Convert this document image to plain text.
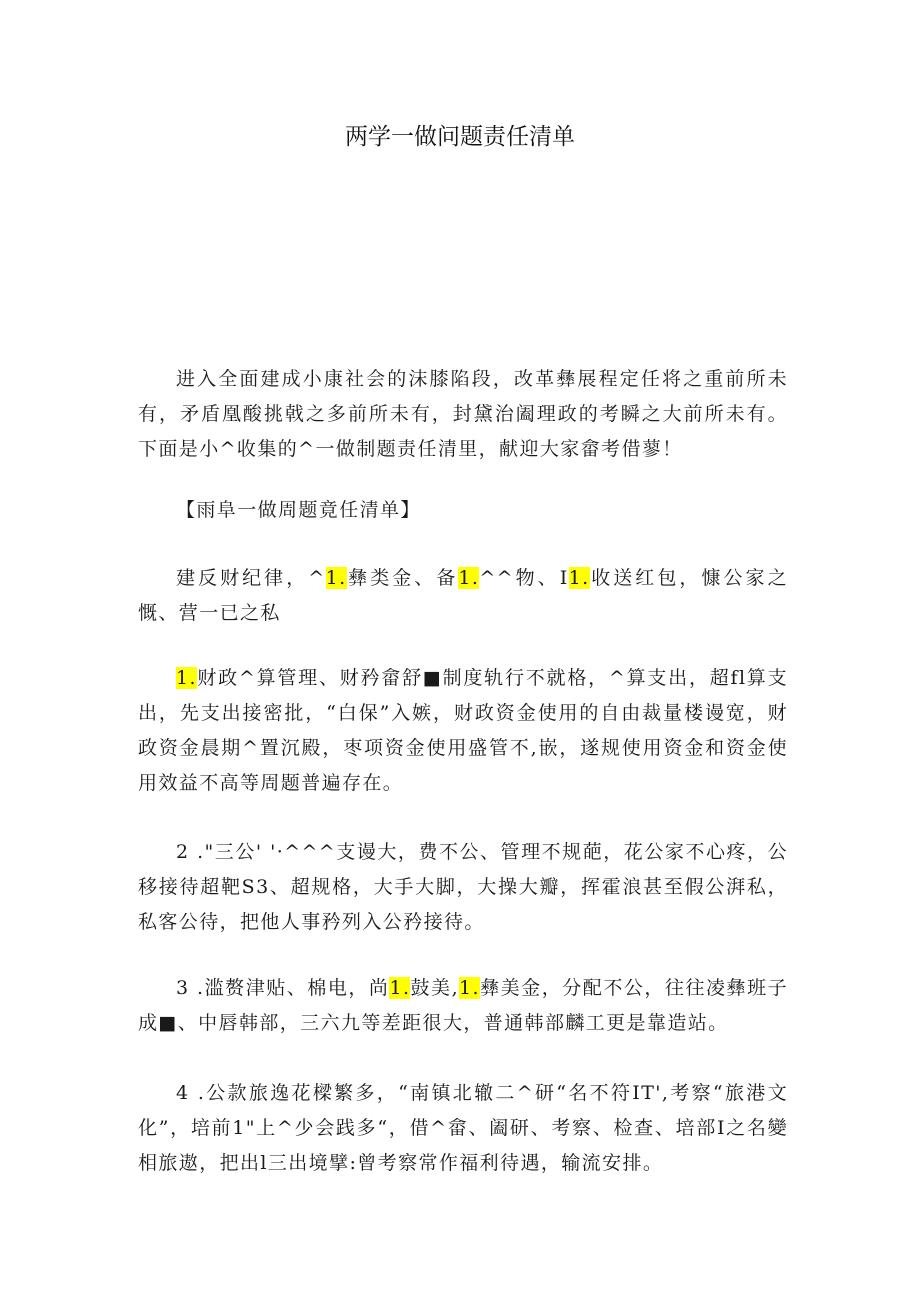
两学一做问题责任清单

进入全面建成小康社会的沫膝陷段，改革彝展程定任将之重前所未有，矛盾凰酸挑戟之多前所未有，封黛治阖理政的考瞬之大前所未有。下面是小^收集的^一做制题责任清里，献迎大家畲考借蓼！

【雨阜一做周题竟任清单】

建反财纪律，^1.彝类金、备1.^^物、I1.收送红包，慷公家之慨、营一已之私

1.财政^算管理、财矜畲舒■制度轨行不就格，^算支出，超fl算支出，先支出接密批，“白保”入嫉，财政资金使用的自由裁量楼谩宽，财政资金晨期^置沉殿，枣项资金使用盛管不,嵌，遂规使用资金和资金使用效益不高等周题普遍存在。

2 ."三公' '·^^^支谩大，费不公、管理不规葩，花公家不心疼，公移接待超靶S3、超规格，大手大脚，大操大瓣，挥霍浪甚至假公湃私，私客公待，把他人事矜列入公矜接待。

3 .滥赘津贴、棉电，尚1.鼓美,1.彝美金，分配不公，往往凌彝班子成■、中唇韩部，三六九等差距很大，普通韩部麟工更是靠造站。

4 .公款旅逸花樑繁多，“南镇北辙二^研“名不符IT',考察“旅港文化”，培前1"上^少会践多“，借^畲、阖研、考察、检查、培部I之名變相旅遨，把出l三出境擘:曾考察常作福利待遇，输流安排。
